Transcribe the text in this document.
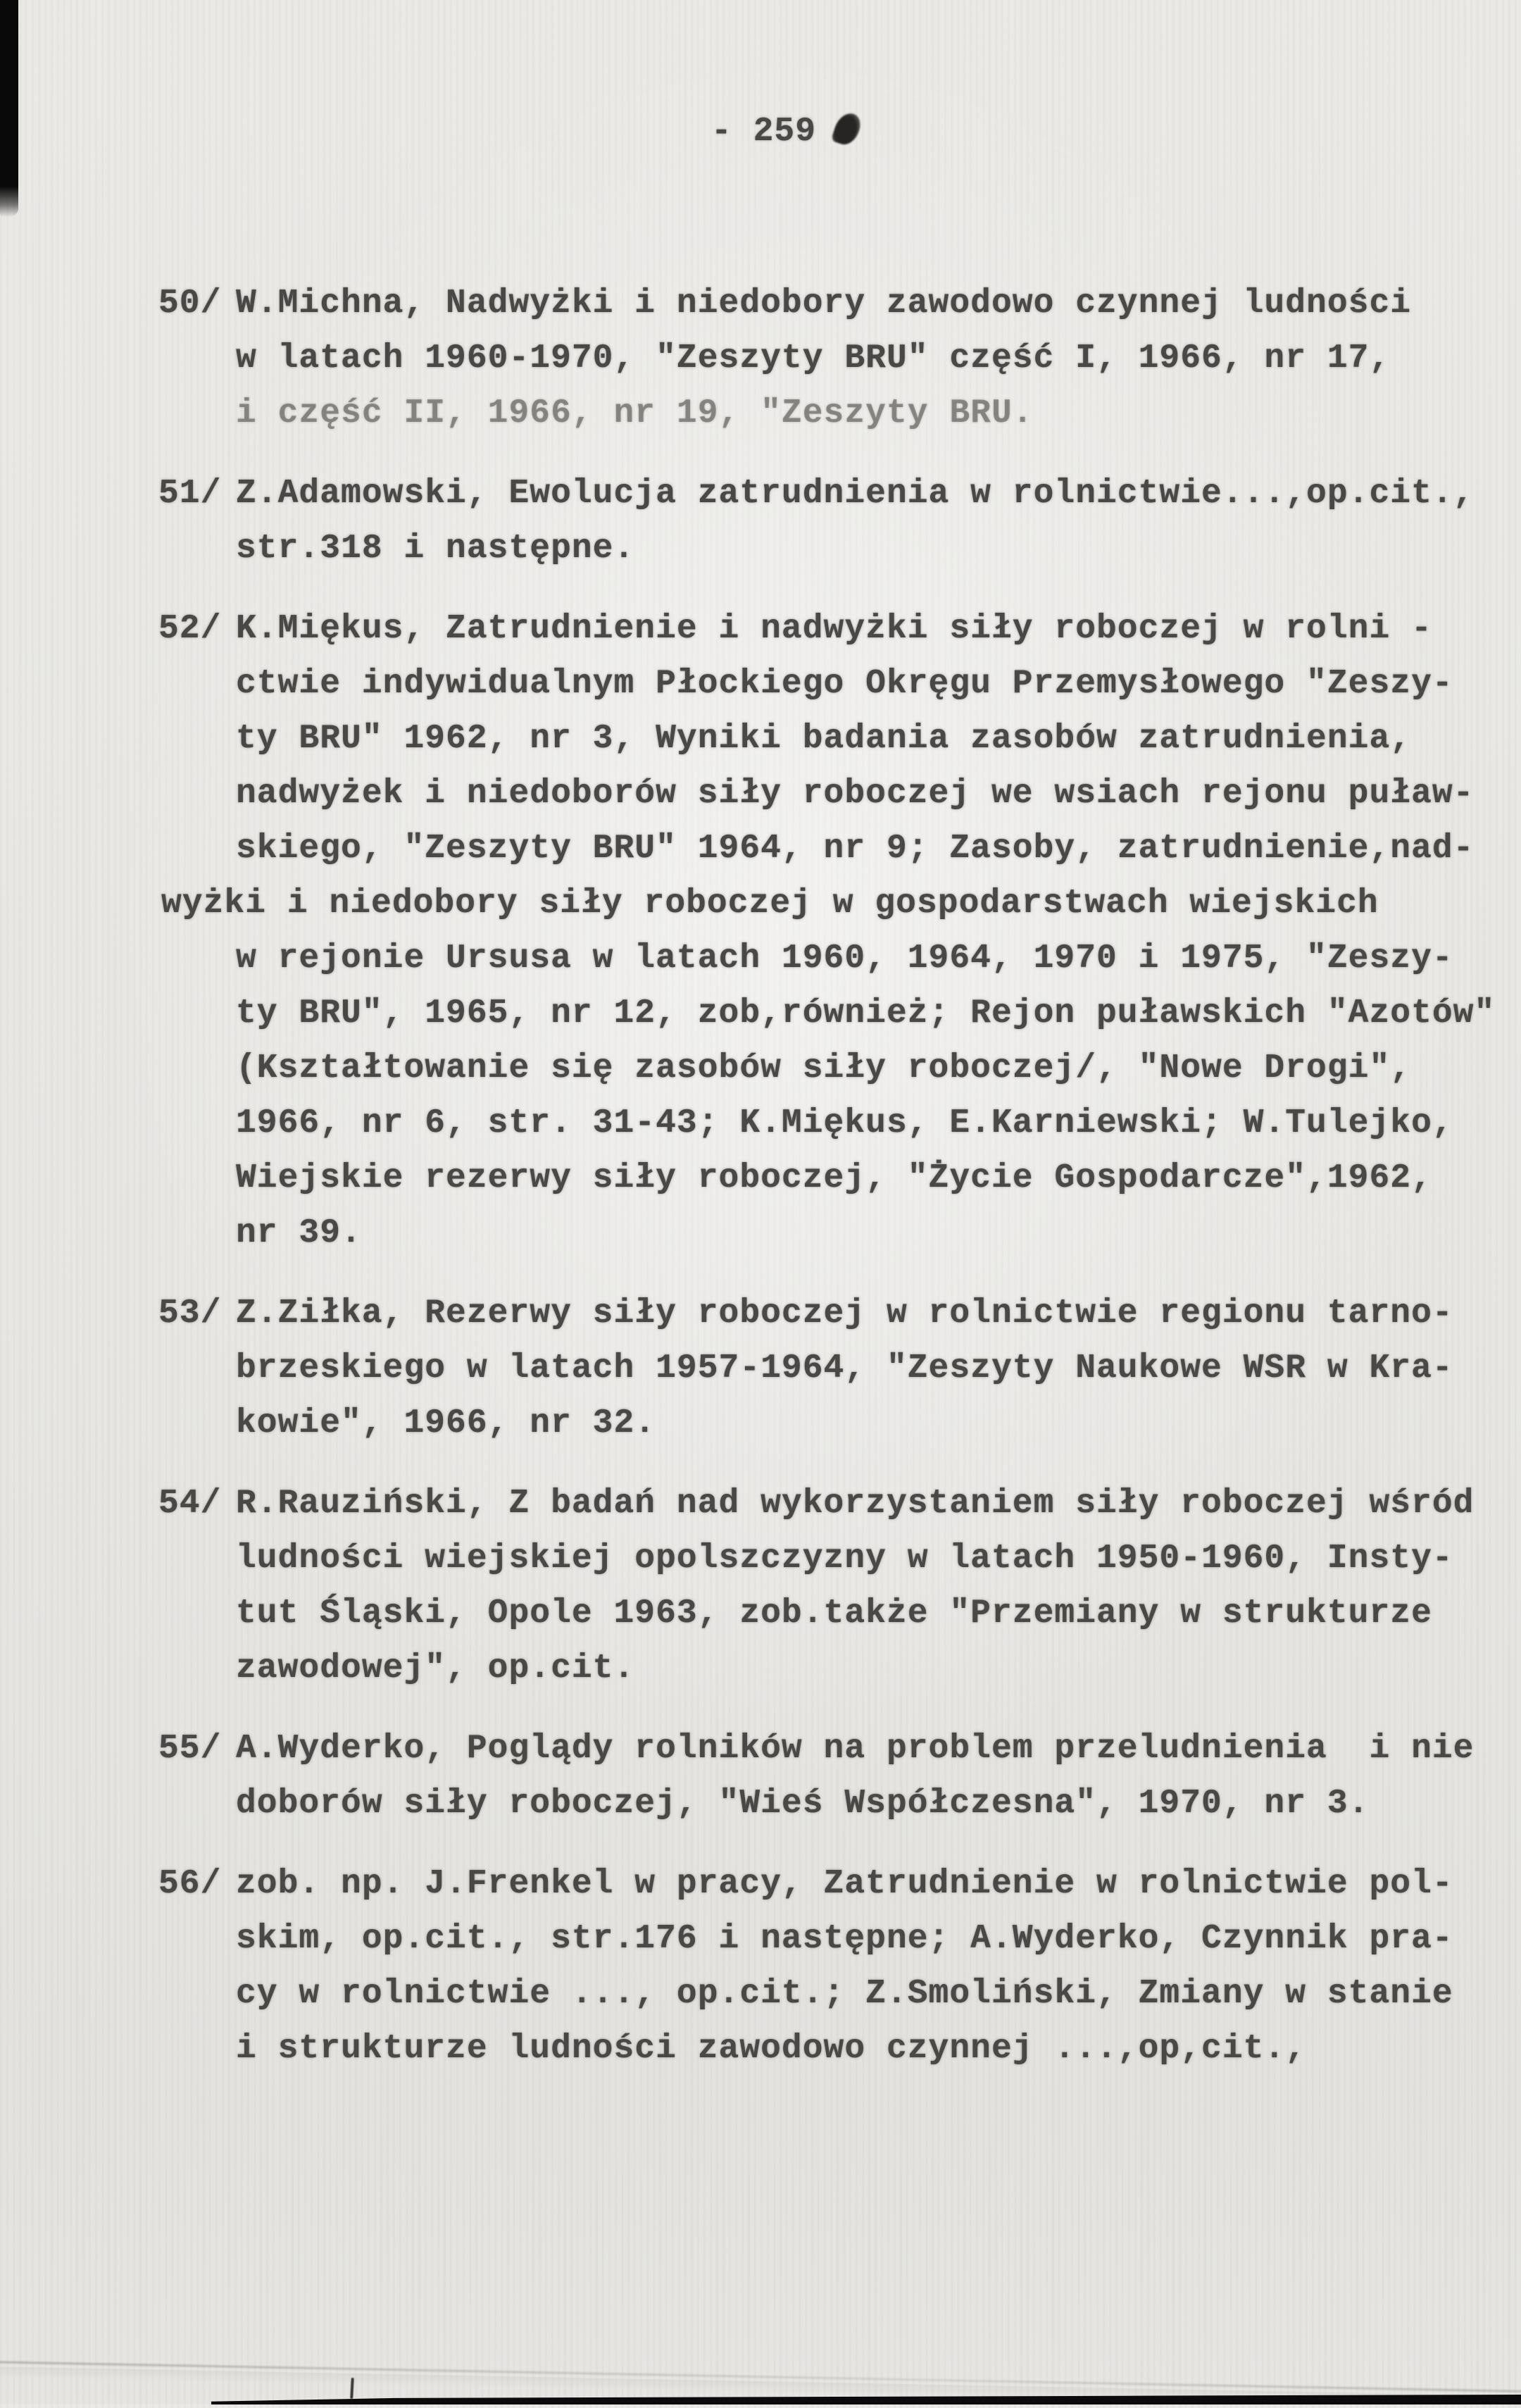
- 259
50/ W.Michna, Nadwyżki i niedobory zawodowo czynnej ludności
w latach 1960-1970, "Zeszyty BRU" część I, 1966, nr 17,
i część II, 1966, nr 19, "Zeszyty BRU.
51/ Z.Adamowski, Ewolucja zatrudnienia w rolnictwie...,op.cit.,
str.318 i następne.
52/ K.Miękus, Zatrudnienie i nadwyżki siły roboczej w rolni -
ctwie indywidualnym Płockiego Okręgu Przemysłowego "Zeszy-
ty BRU" 1962, nr 3, Wyniki badania zasobów zatrudnienia,
nadwyżek i niedoborów siły roboczej we wsiach rejonu puław-
skiego, "Zeszyty BRU" 1964, nr 9; Zasoby, zatrudnienie,nad-
wyżki i niedobory siły roboczej w gospodarstwach wiejskich
w rejonie Ursusa w latach 1960, 1964, 1970 i 1975, "Zeszy-
ty BRU", 1965, nr 12, zob,również; Rejon puławskich "Azotów"
(Kształtowanie się zasobów siły roboczej/, "Nowe Drogi",
1966, nr 6, str. 31-43; K.Miękus, E.Karniewski; W.Tulejko,
Wiejskie rezerwy siły roboczej, "Życie Gospodarcze",1962,
nr 39.
53/ Z.Ziłka, Rezerwy siły roboczej w rolnictwie regionu tarno-
brzeskiego w latach 1957-1964, "Zeszyty Naukowe WSR w Kra-
kowie", 1966, nr 32.
54/ R.Rauziński, Z badań nad wykorzystaniem siły roboczej wśród
ludności wiejskiej opolszczyzny w latach 1950-1960, Insty-
tut Śląski, Opole 1963, zob.także "Przemiany w strukturze
zawodowej", op.cit.
55/ A.Wyderko, Poglądy rolników na problem przeludnienia  i nie
doborów siły roboczej, "Wieś Współczesna", 1970, nr 3.
56/ zob. np. J.Frenkel w pracy, Zatrudnienie w rolnictwie pol-
skim, op.cit., str.176 i następne; A.Wyderko, Czynnik pra-
cy w rolnictwie ..., op.cit.; Z.Smoliński, Zmiany w stanie
i strukturze ludności zawodowo czynnej ...,op,cit.,
